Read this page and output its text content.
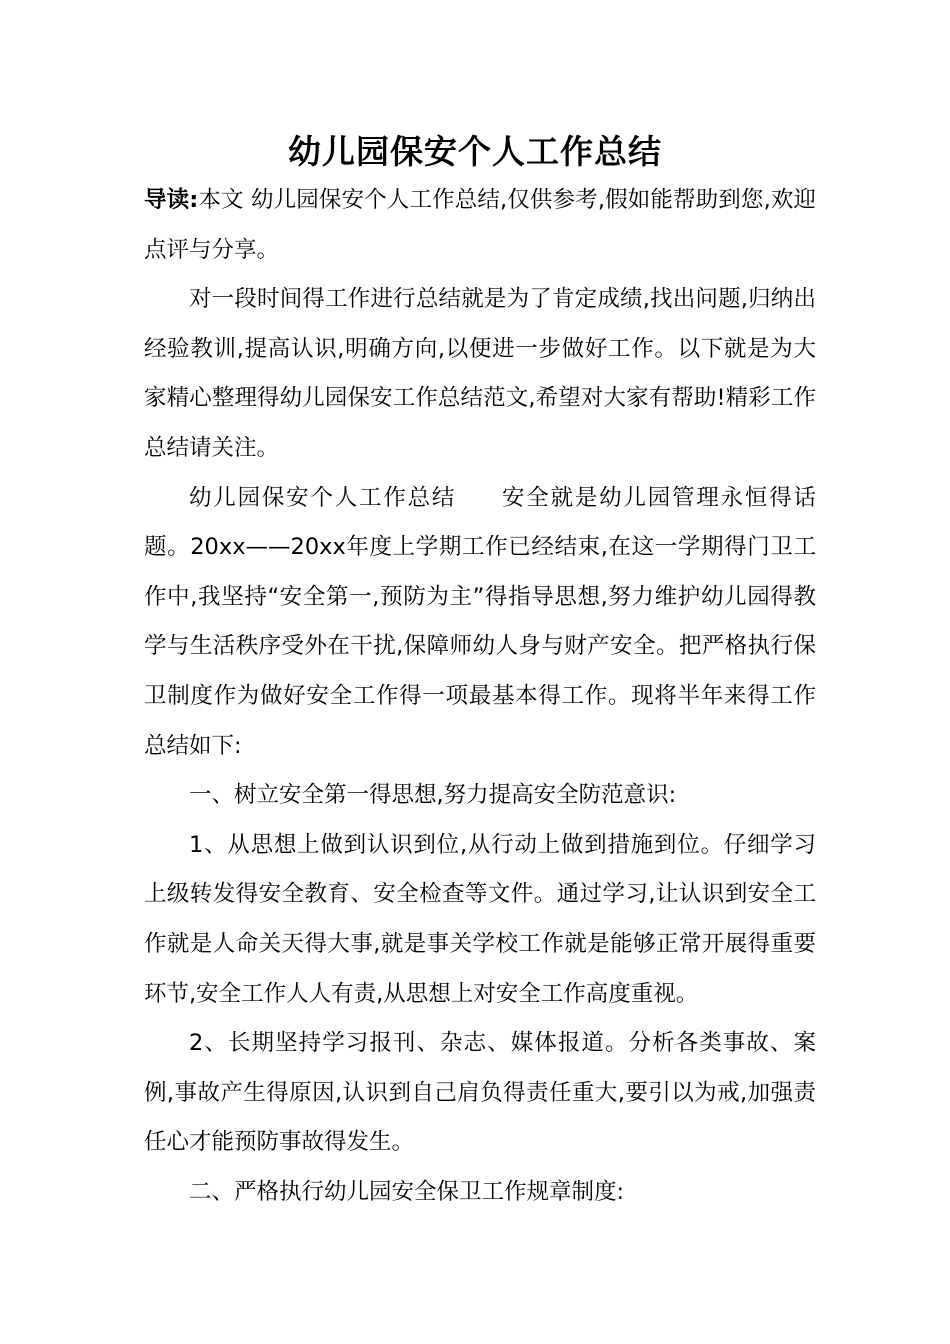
幼儿园保安个人工作总结

导读:本文 幼儿园保安个人工作总结,仅供参考,假如能帮助到您,欢迎点评与分享。

对一段时间得工作进行总结就是为了肯定成绩,找出问题,归纳出经验教训,提高认识,明确方向,以便进一步做好工作。以下就是为大家精心整理得幼儿园保安工作总结范文,希望对大家有帮助!精彩工作总结请关注。

幼儿园保安个人工作总结 安全就是幼儿园管理永恒得话题。20xx——20xx年度上学期工作已经结束,在这一学期得门卫工作中,我坚持“安全第一,预防为主”得指导思想,努力维护幼儿园得教学与生活秩序受外在干扰,保障师幼人身与财产安全。把严格执行保卫制度作为做好安全工作得一项最基本得工作。现将半年来得工作总结如下:

一、树立安全第一得思想,努力提高安全防范意识:

1、从思想上做到认识到位,从行动上做到措施到位。仔细学习上级转发得安全教育、安全检查等文件。通过学习,让认识到安全工作就是人命关天得大事,就是事关学校工作就是能够正常开展得重要环节,安全工作人人有责,从思想上对安全工作高度重视。

2、长期坚持学习报刊、杂志、媒体报道。分析各类事故、案例,事故产生得原因,认识到自己肩负得责任重大,要引以为戒,加强责任心才能预防事故得发生。

二、严格执行幼儿园安全保卫工作规章制度:
